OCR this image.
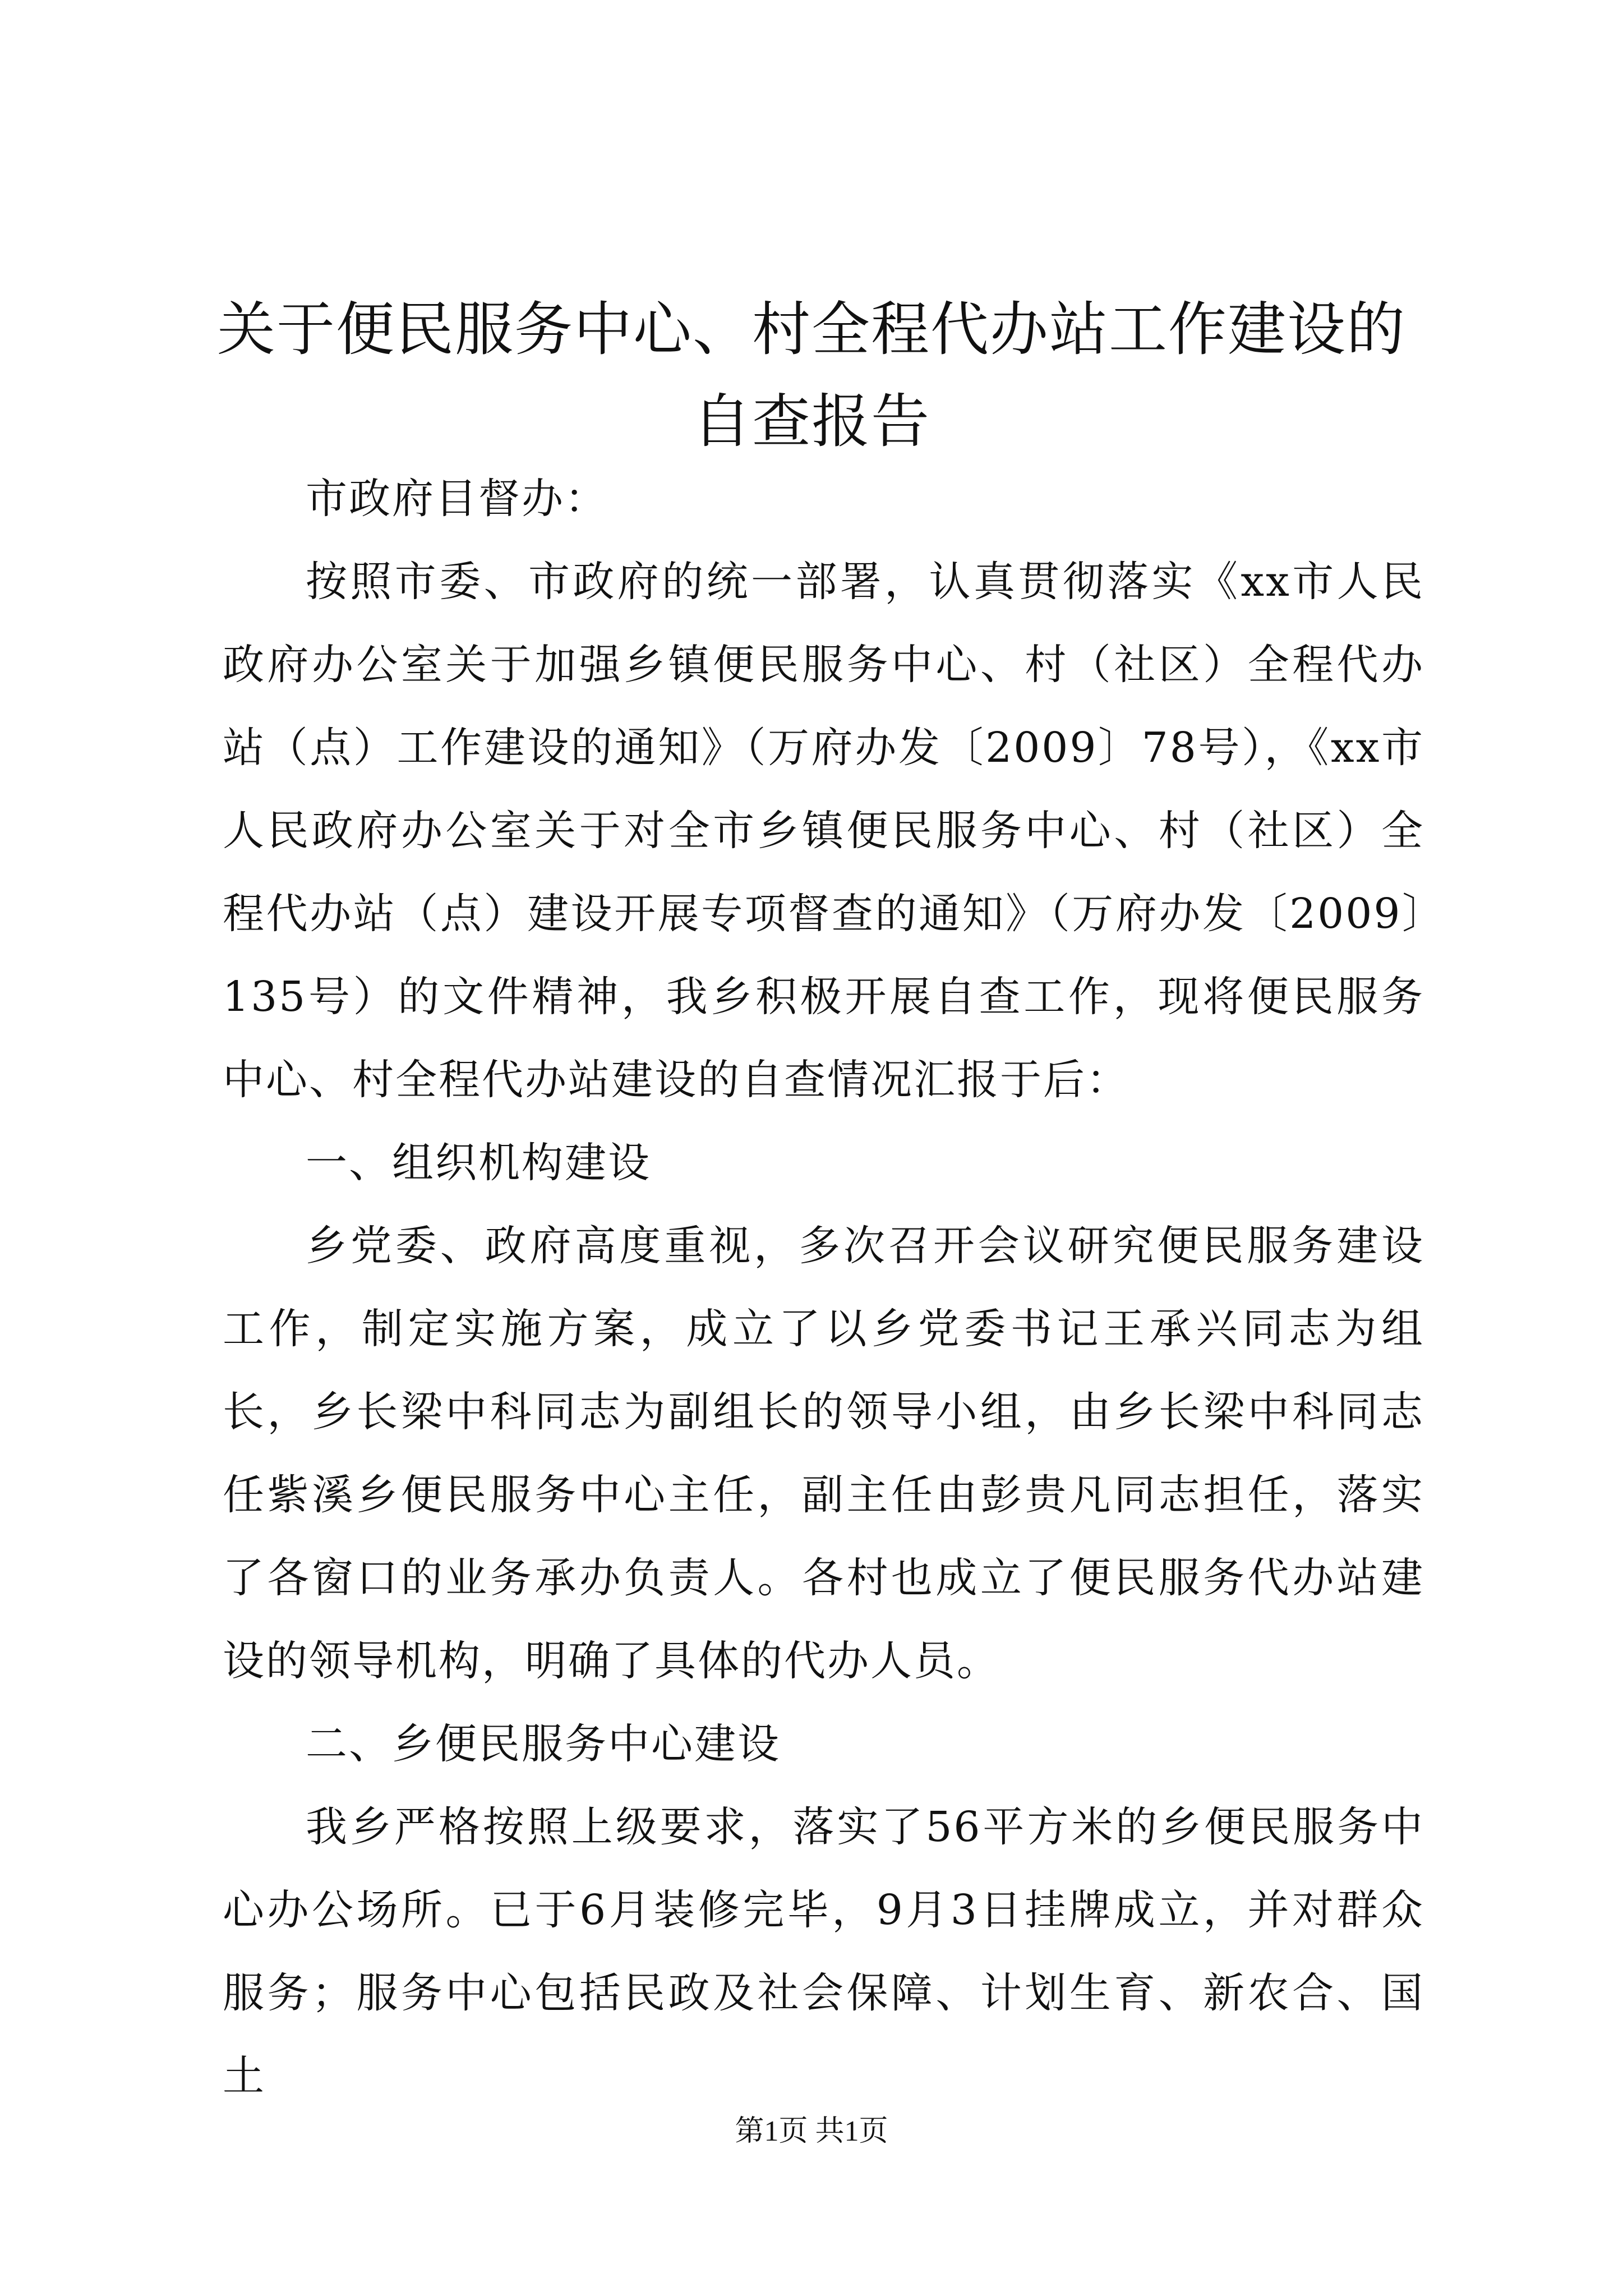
关于便民服务中心、村全程代办站工作建设的自查报告

市政府目督办：

按照市委、市政府的统一部署，认真贯彻落实《xx市人民政府办公室关于加强乡镇便民服务中心、村（社区）全程代办站（点）工作建设的通知》（万府办发〔2009〕78号），《xx市人民政府办公室关于对全市乡镇便民服务中心、村（社区）全程代办站（点）建设开展专项督查的通知》（万府办发〔2009〕135号）的文件精神，我乡积极开展自查工作，现将便民服务中心、村全程代办站建设的自查情况汇报于后：

一、组织机构建设

乡党委、政府高度重视，多次召开会议研究便民服务建设工作，制定实施方案，成立了以乡党委书记王承兴同志为组长，乡长梁中科同志为副组长的领导小组，由乡长梁中科同志任紫溪乡便民服务中心主任，副主任由彭贵凡同志担任，落实了各窗口的业务承办负责人。各村也成立了便民服务代办站建设的领导机构，明确了具体的代办人员。

二、乡便民服务中心建设

我乡严格按照上级要求，落实了56平方米的乡便民服务中心办公场所。已于6月装修完毕，9月3日挂牌成立，并对群众服务；服务中心包括民政及社会保障、计划生育、新农合、国土

第1页 共1页
